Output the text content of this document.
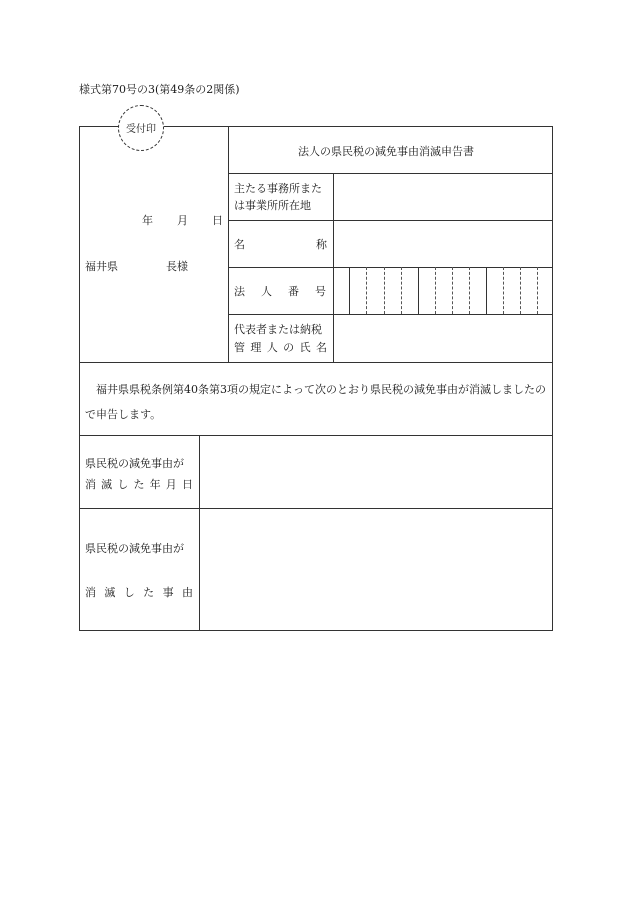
様式第70号の3(第49条の2関係)
受付印
年 月 日
福井県	長様
法人の県民税の減免事由消滅申告書
主たる事務所また
は事業所所在地
名	称
法 人 番 号
代表者または納税
管 理 人 の 氏 名
福井県県税条例第40条第3項の規定によって次のとおり県民税の減免事由が消滅しましたので申告します。
県民税の減免事由が
消 滅 し た 年 月 日
県民税の減免事由が
消 滅 し た 事 由
